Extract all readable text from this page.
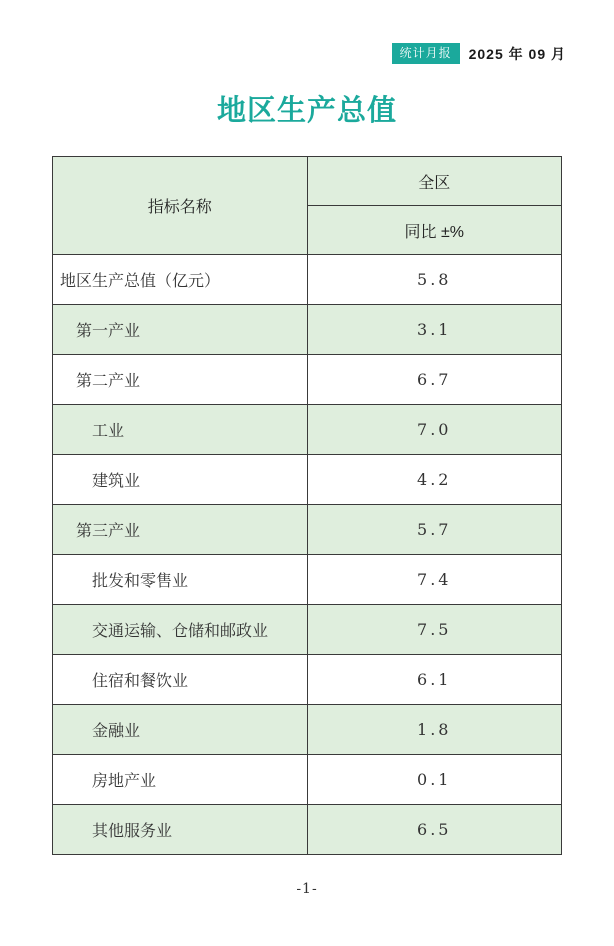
统计月报	2025 年 09 月
地区生产总值
指标名称	全区
	同比 ±%
地区生产总值（亿元）	5.8
第一产业	3.1
第二产业	6.7
工业	7.0
建筑业	4.2
第三产业	5.7
批发和零售业	7.4
交通运输、仓储和邮政业	7.5
住宿和餐饮业	6.1
金融业	1.8
房地产业	0.1
其他服务业	6.5
-1-
